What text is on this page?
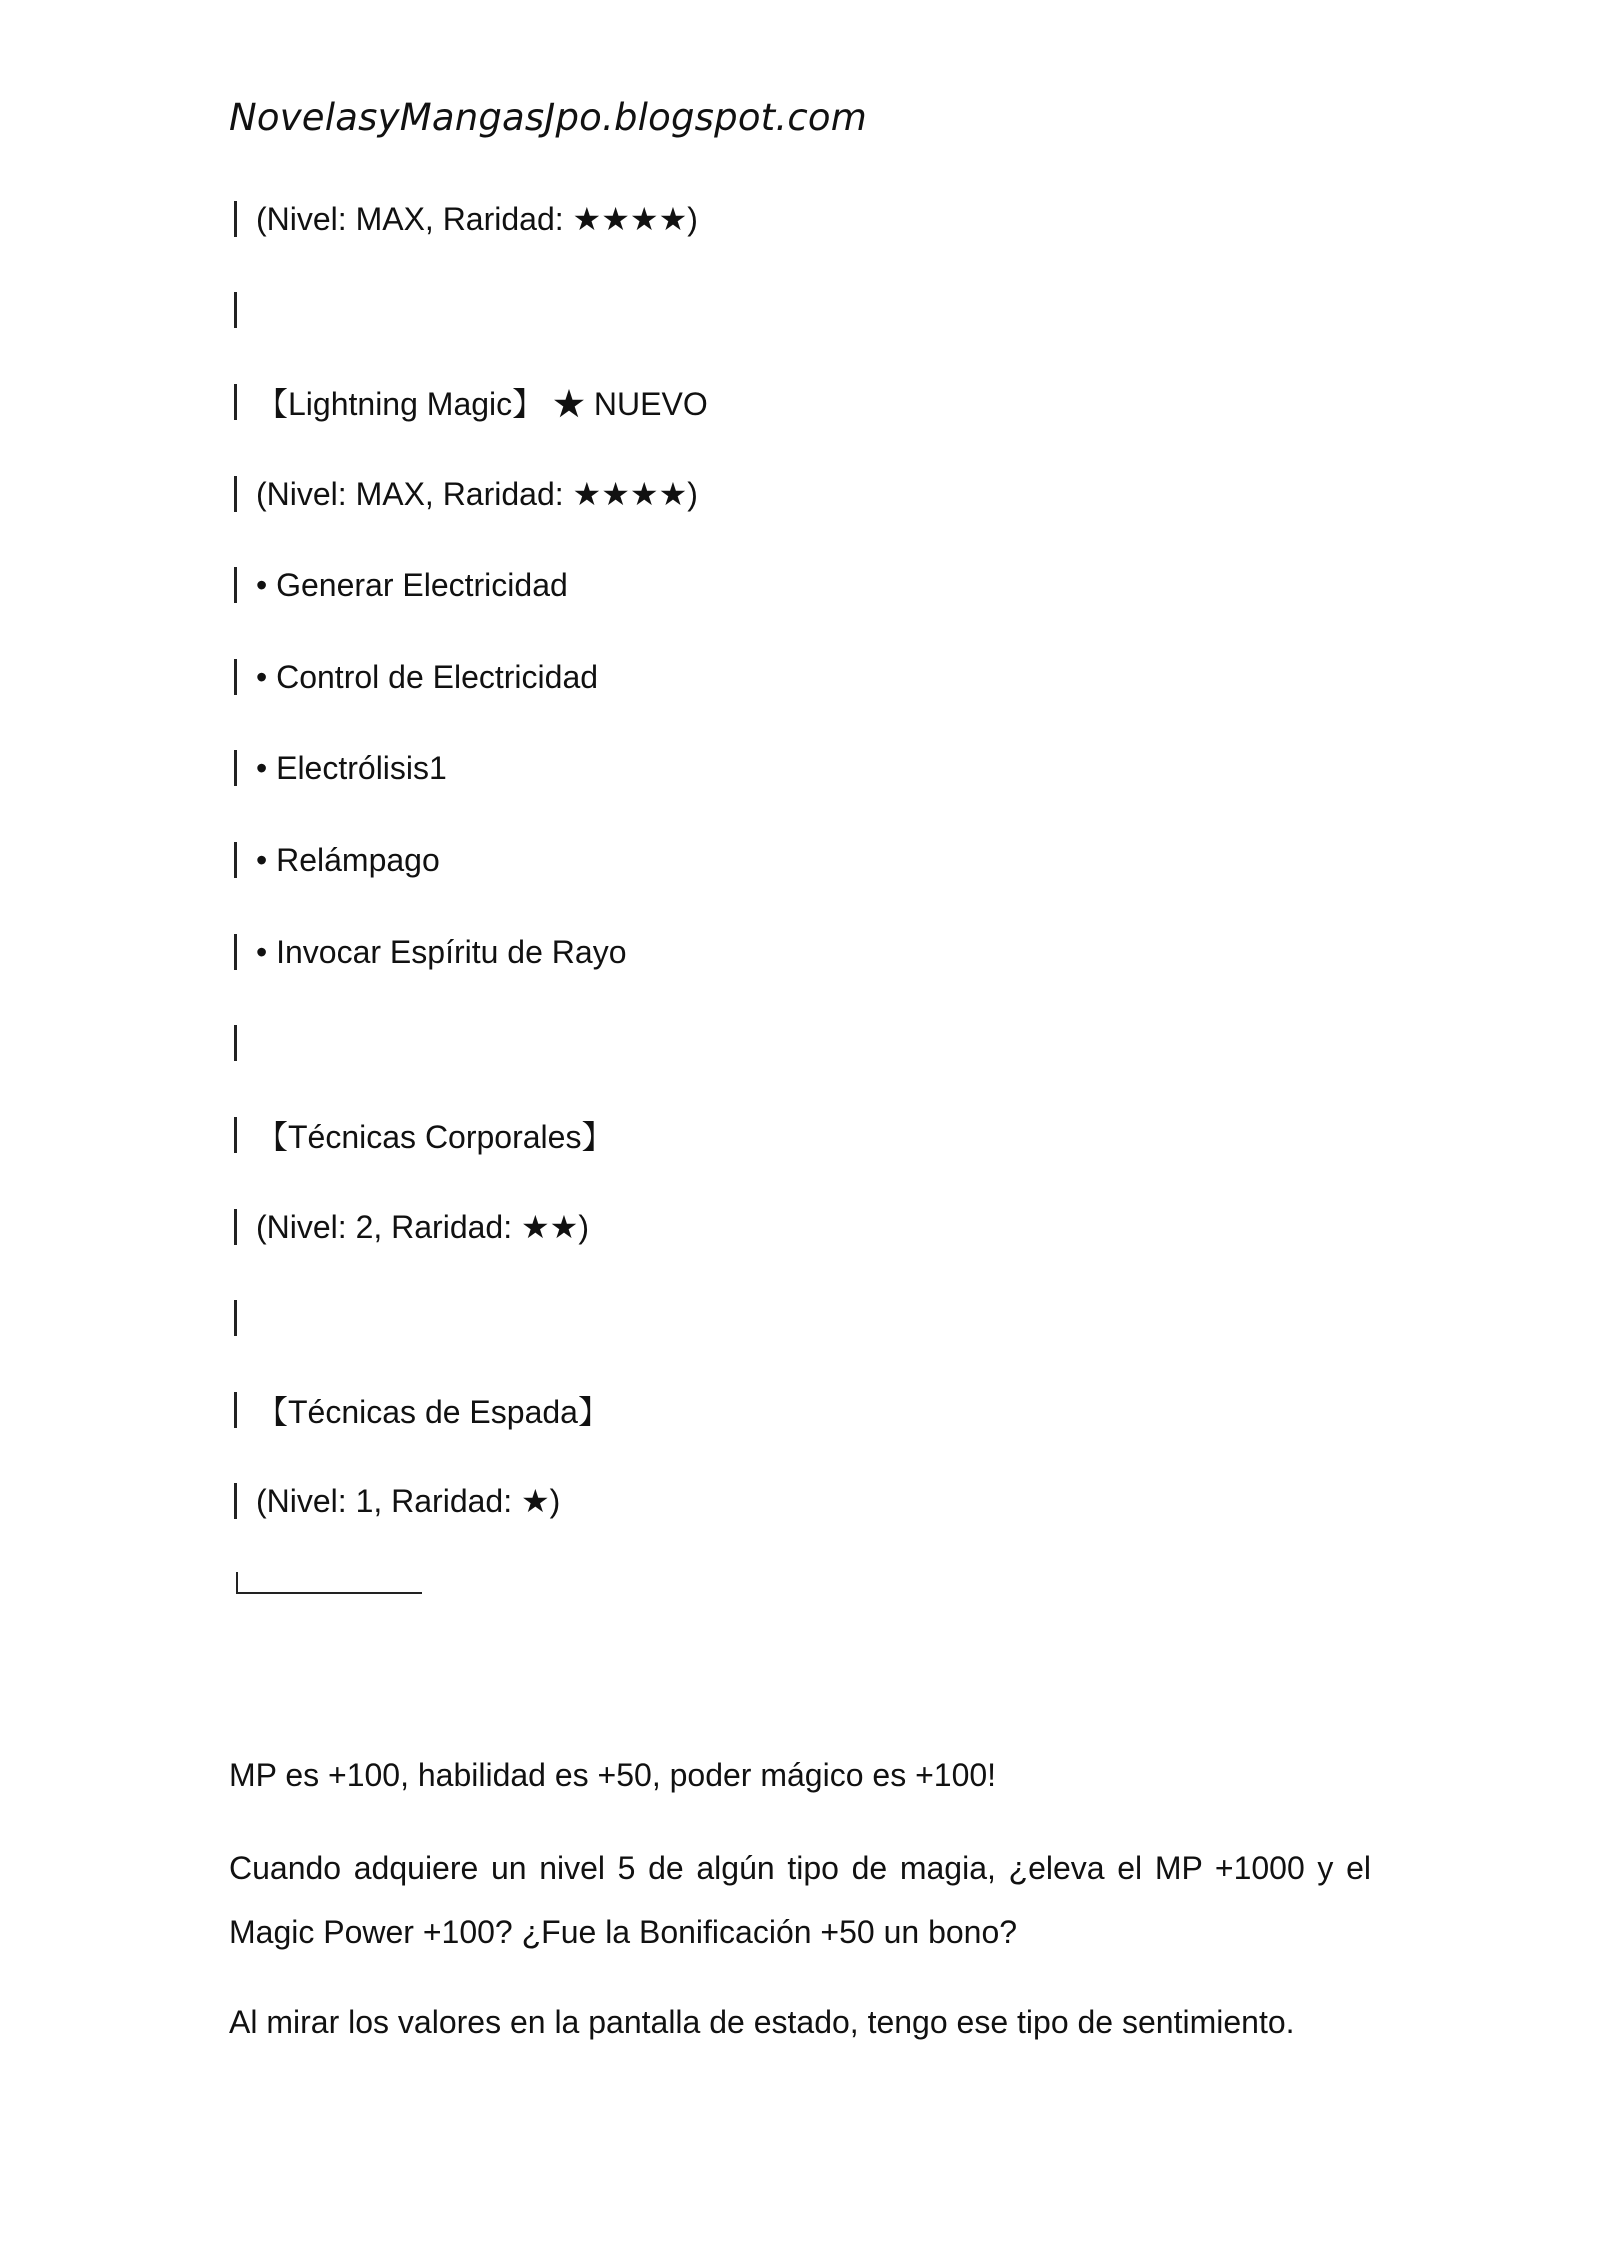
NovelasyMangasJpo.blogspot.com
(Nivel: MAX, Raridad: ★★★★)
【Lightning Magic】 ★ NUEVO
(Nivel: MAX, Raridad: ★★★★)
• Generar Electricidad
• Control de Electricidad
• Electrólisis1
• Relámpago
• Invocar Espíritu de Rayo
【Técnicas Corporales】
(Nivel: 2, Raridad: ★★)
【Técnicas de Espada】
(Nivel: 1, Raridad: ★)
MP es +100, habilidad es +50, poder mágico es +100!
Cuando adquiere un nivel 5 de algún tipo de magia, ¿eleva el MP +1000 y el Magic Power +100? ¿Fue la Bonificación +50 un bono?
Al mirar los valores en la pantalla de estado, tengo ese tipo de sentimiento.
